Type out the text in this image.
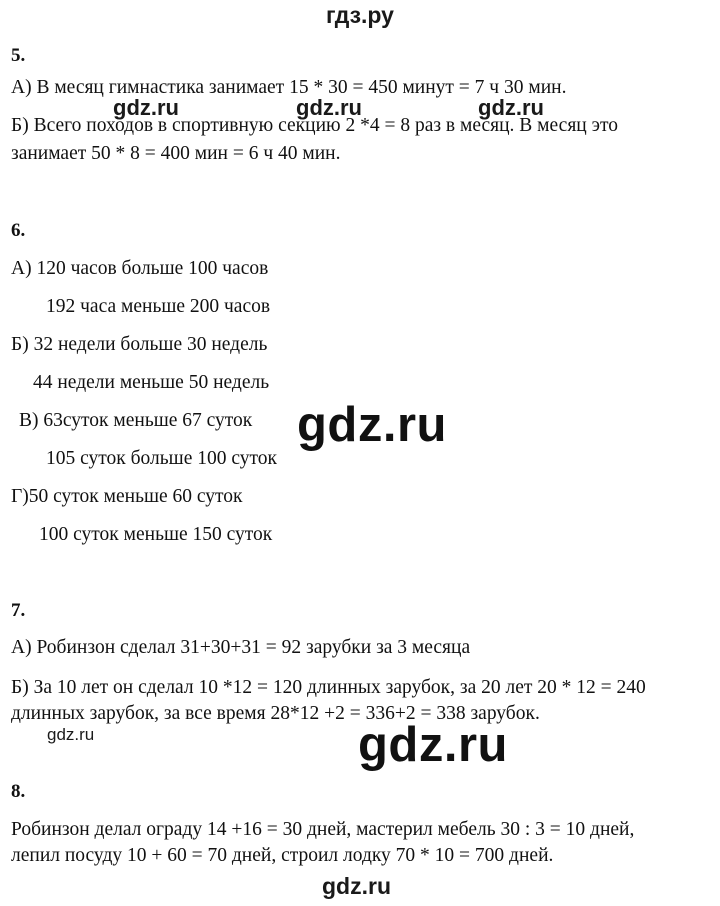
гдз.ру
5.
А) В месяц гимнастика занимает 15 * 30 = 450 минут = 7 ч 30 мин.
Б) Всего походов в спортивную секцию 2 *4 = 8 раз в месяц. В месяц это
занимает 50 * 8 = 400 мин = 6 ч 40 мин.
6.
А) 120 часов больше 100 часов
192 часа меньше 200 часов
Б) 32 недели больше 30 недель
44 недели меньше 50 недель
В) 63суток меньше 67 суток
105 суток больше 100 суток
Г)50 суток меньше 60 суток
100 суток меньше 150 суток
7.
А) Робинзон сделал 31+30+31 = 92 зарубки за 3 месяца
Б) За 10 лет он сделал 10 *12 = 120 длинных зарубок, за 20 лет 20 * 12 = 240
длинных зарубок, за все время 28*12 +2 = 336+2 = 338 зарубок.
8.
Робинзон делал ограду 14 +16 = 30 дней, мастерил мебель 30 : 3 = 10 дней,
лепил посуду 10 + 60 = 70 дней, строил лодку 70 * 10 = 700 дней.
gdz.ru	gdz.ru	gdz.ru
gdz.ru
gdz.ru	gdz.ru
gdz.ru
